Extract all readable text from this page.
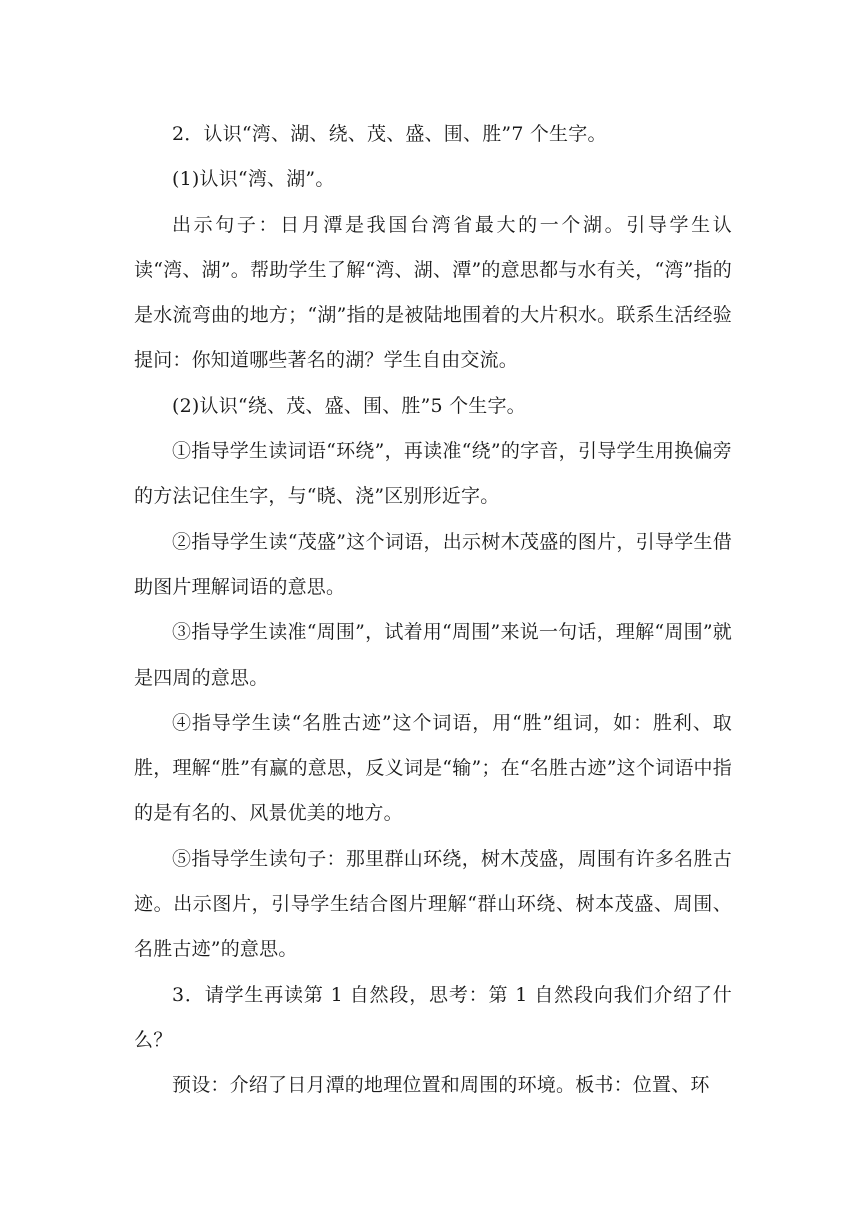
2．认识“湾、湖、绕、茂、盛、围、胜”7 个生字。

(1)认识“湾、湖”。

出示句子：日月潭是我国台湾省最大的一个湖。引导学生认读“湾、湖”。帮助学生了解“湾、湖、潭”的意思都与水有关，“湾”指的是水流弯曲的地方；“湖”指的是被陆地围着的大片积水。联系生活经验提问：你知道哪些著名的湖？学生自由交流。

(2)认识“绕、茂、盛、围、胜”5 个生字。

①指导学生读词语“环绕”，再读准“绕”的字音，引导学生用换偏旁的方法记住生字，与“晓、浇”区别形近字。

②指导学生读“茂盛”这个词语，出示树木茂盛的图片，引导学生借助图片理解词语的意思。

③指导学生读准“周围”，试着用“周围”来说一句话，理解“周围”就是四周的意思。

④指导学生读“名胜古迹”这个词语，用“胜”组词，如：胜利、取胜，理解“胜”有赢的意思，反义词是“输”；在“名胜古迹”这个词语中指的是有名的、风景优美的地方。

⑤指导学生读句子：那里群山环绕，树木茂盛，周围有许多名胜古迹。出示图片，引导学生结合图片理解“群山环绕、树本茂盛、周围、名胜古迹”的意思。

3．请学生再读第 1 自然段，思考：第 1 自然段向我们介绍了什么？

预设：介绍了日月潭的地理位置和周围的环境。板书：位置、环
